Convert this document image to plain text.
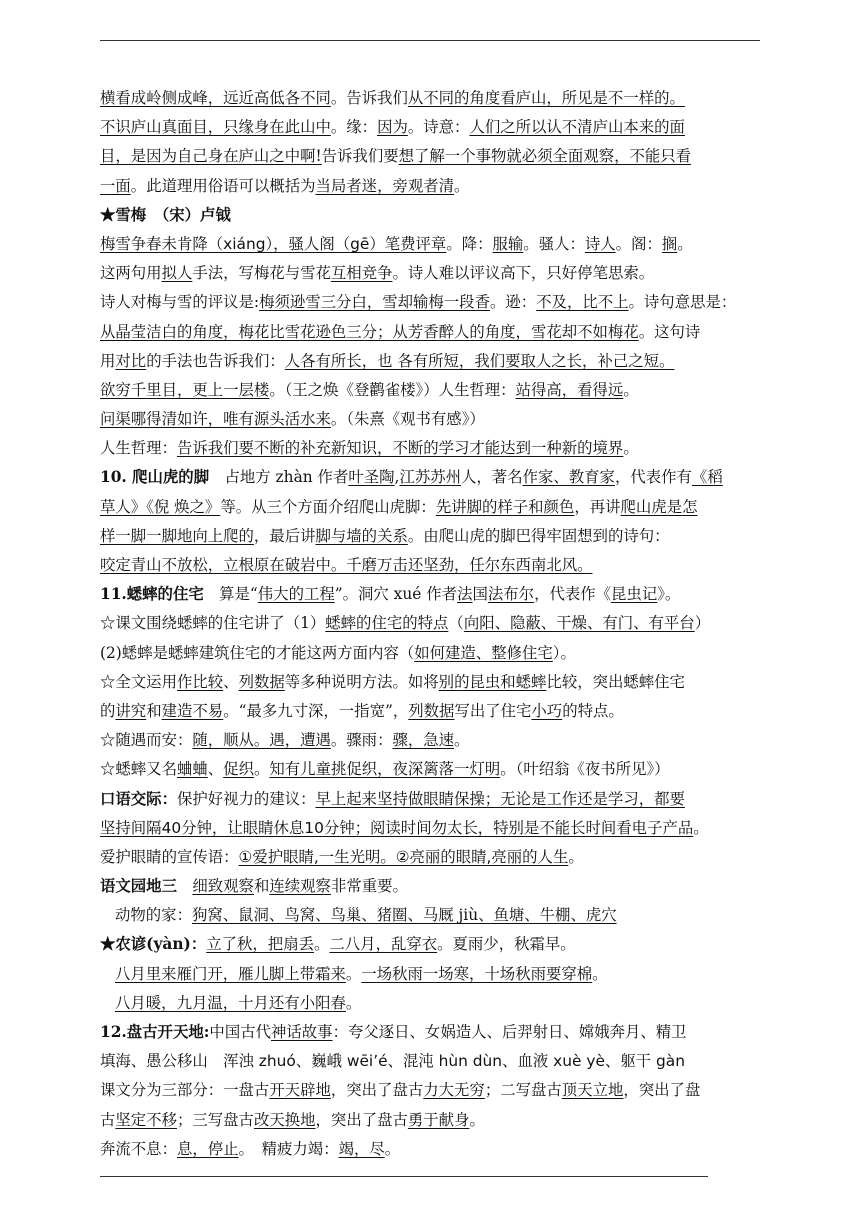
横看成岭侧成峰，远近高低各不同。告诉我们从不同的角度看庐山，所见是不一样的。
不识庐山真面目，只缘身在此山中。缘：因为。诗意：人们之所以认不清庐山本来的面
目，是因为自己身在庐山之中啊!告诉我们要想了解一个事物就必须全面观察，不能只看
一面。此道理用俗语可以概括为当局者迷，旁观者清。
★雪梅　（宋）卢钺
梅雪争春未肯降（xiáng），骚人阁（gē）笔费评章。降：服输。骚人：诗人。阁：搁。
这两句用拟人手法，写梅花与雪花互相竞争。诗人难以评议高下，只好停笔思索。
诗人对梅与雪的评议是:梅须逊雪三分白，雪却输梅一段香。逊：不及，比不上。诗句意思是：
从晶莹洁白的角度，梅花比雪花逊色三分；从芳香醉人的角度，雪花却不如梅花。这句诗
用对比的手法也告诉我们：人各有所长，也 各有所短，我们要取人之长，补己之短。
欲穷千里目，更上一层楼。（王之焕《登鹳雀楼》）人生哲理：站得高，看得远。
问渠哪得清如许，唯有源头活水来。（朱熹《观书有感》）
人生哲理：告诉我们要不断的补充新知识，不断的学习才能达到一种新的境界。
10. 爬山虎的脚　占地方 zhàn 作者叶圣陶,江苏苏州人，著名作家、教育家，代表作有《稻
草人》《倪 焕之》等。从三个方面介绍爬山虎脚：先讲脚的样子和颜色，再讲爬山虎是怎
样一脚一脚地向上爬的，最后讲脚与墙的关系。由爬山虎的脚巴得牢固想到的诗句：
咬定青山不放松，立根原在破岩中。千磨万击还坚劲，任尔东西南北风。
11.蟋蟀的住宅　算是“伟大的工程”。洞穴 xué 作者法国法布尔，代表作《昆虫记》。
☆课文围绕蟋蟀的住宅讲了（1）蟋蟀的住宅的特点（向阳、隐蔽、干燥、有门、有平台）
(2)蟋蟀是蟋蟀建筑住宅的才能这两方面内容（如何建造、整修住宅）。
☆全文运用作比较、列数据等多种说明方法。如将别的昆虫和蟋蟀比较，突出蟋蟀住宅
的讲究和建造不易。“最多九寸深，一指宽”，列数据写出了住宅小巧的特点。
☆随遇而安：随，顺从。遇，遭遇。骤雨：骤，急速。
☆蟋蟀又名蛐蛐、促织。知有儿童挑促织，夜深篱落一灯明。（叶绍翁《夜书所见》）
口语交际：保护好视力的建议：早上起来坚持做眼睛保操；无论是工作还是学习，都要
坚持间隔40分钟，让眼睛休息10分钟；阅读时间勿太长，特别是不能长时间看电子产品。
爱护眼睛的宣传语：①爱护眼睛,一生光明。②亮丽的眼睛,亮丽的人生。
语文园地三　 细致观察和连续观察非常重要。
动物的家：狗窝、鼠洞、鸟窝、鸟巢、猪圈、马厩 jiù、鱼塘、牛棚、虎穴
★农谚(yàn)：立了秋，把扇丢。二八月，乱穿衣。夏雨少，秋霜早。
八月里来雁门开，雁儿脚上带霜来。一场秋雨一场寒，十场秋雨要穿棉。
八月暖，九月温，十月还有小阳春。
12.盘古开天地:中国古代神话故事：夸父逐日、女娲造人、后羿射日、嫦娥奔月、精卫
填海、愚公移山　浑浊 zhuó、巍峨 wēi’é、混沌 hùn dùn、血液 xuè yè、躯干 gàn
课文分为三部分：一盘古开天辟地，突出了盘古力大无穷；二写盘古顶天立地，突出了盘
古坚定不移；三写盘古改天换地，突出了盘古勇于献身。
奔流不息：息，停止。　精疲力竭：竭，尽。
